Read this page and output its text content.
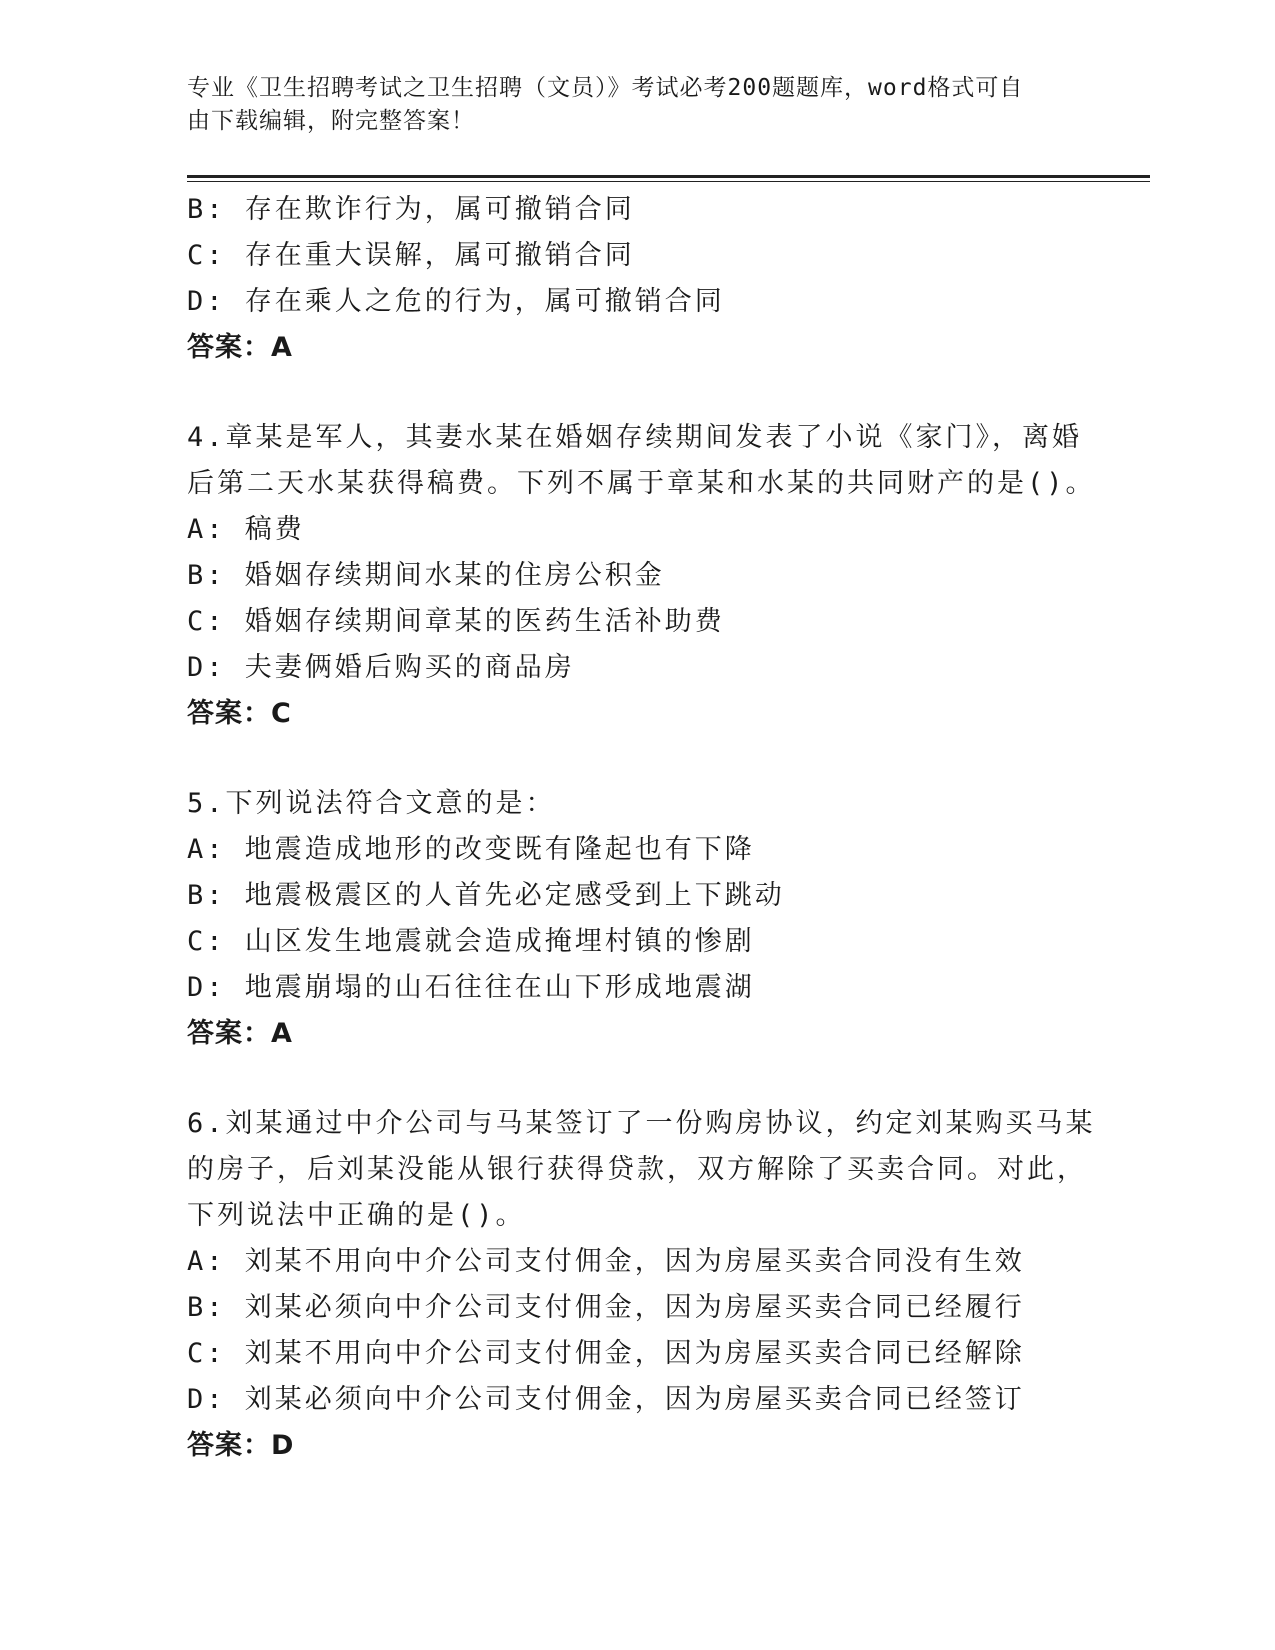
专业《卫生招聘考试之卫生招聘（文员）》考试必考200题题库，word格式可自
由下载编辑，附完整答案！
B: 存在欺诈行为，属可撤销合同
C: 存在重大误解，属可撤销合同
D: 存在乘人之危的行为，属可撤销合同
答案：A
4.章某是军人，其妻水某在婚姻存续期间发表了小说《家门》，离婚
后第二天水某获得稿费。下列不属于章某和水某的共同财产的是()。
A: 稿费
B: 婚姻存续期间水某的住房公积金
C: 婚姻存续期间章某的医药生活补助费
D: 夫妻俩婚后购买的商品房
答案：C
5.下列说法符合文意的是：
A: 地震造成地形的改变既有隆起也有下降
B: 地震极震区的人首先必定感受到上下跳动
C: 山区发生地震就会造成掩埋村镇的惨剧
D: 地震崩塌的山石往往在山下形成地震湖
答案：A
6.刘某通过中介公司与马某签订了一份购房协议，约定刘某购买马某
的房子，后刘某没能从银行获得贷款，双方解除了买卖合同。对此，
下列说法中正确的是()。
A: 刘某不用向中介公司支付佣金，因为房屋买卖合同没有生效
B: 刘某必须向中介公司支付佣金，因为房屋买卖合同已经履行
C: 刘某不用向中介公司支付佣金，因为房屋买卖合同已经解除
D: 刘某必须向中介公司支付佣金，因为房屋买卖合同已经签订
答案：D
